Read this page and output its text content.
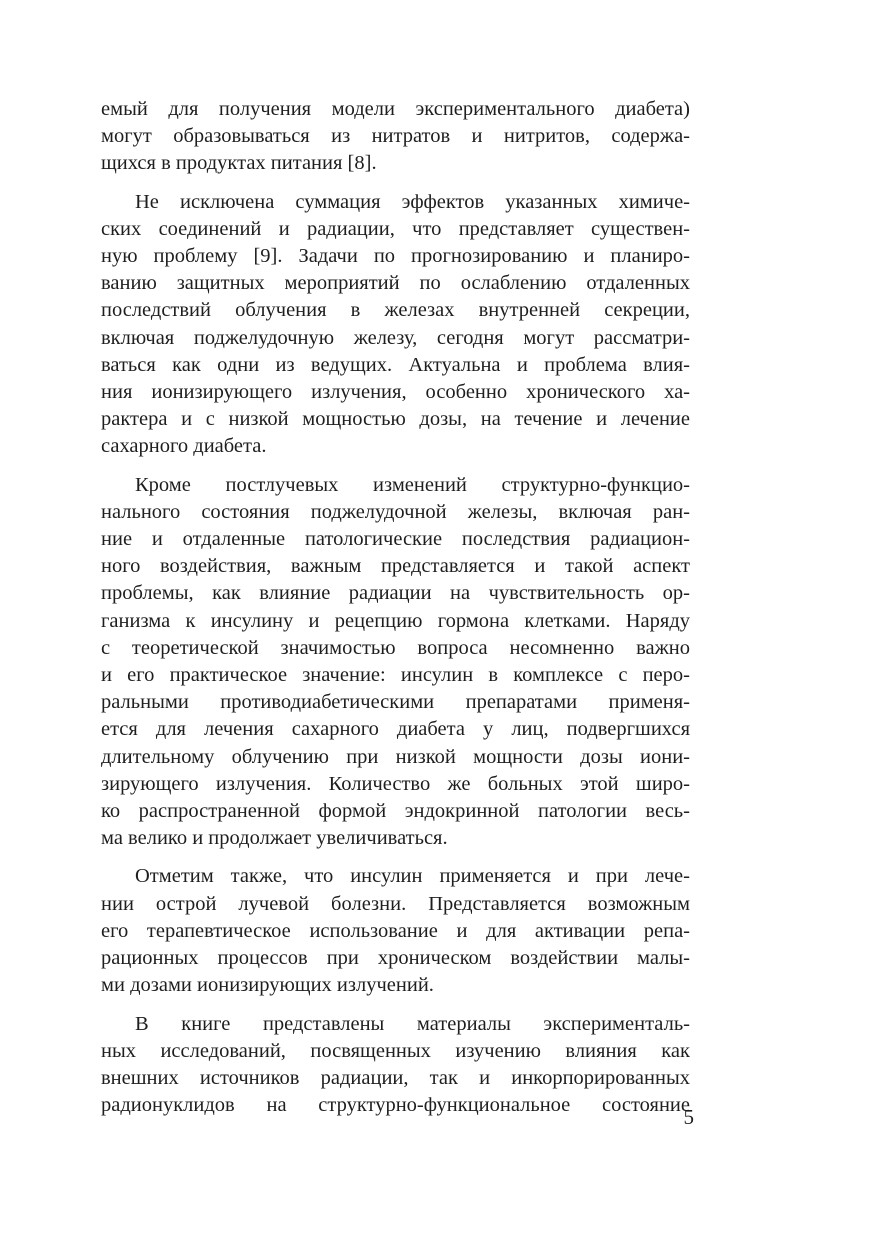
емый для получения модели экспериментального диабета)
могут образовываться из нитратов и нитритов, содержа-
щихся в продуктах питания [8].

Не исключена суммация эффектов указанных химиче-
ских соединений и радиации, что представляет существен-
ную проблему [9]. Задачи по прогнозированию и планиро-
ванию защитных мероприятий по ослаблению отдаленных
последствий облучения в железах внутренней секреции,
включая поджелудочную железу, сегодня могут рассматри-
ваться как одни из ведущих. Актуальна и проблема влия-
ния ионизирующего излучения, особенно хронического ха-
рактера и с низкой мощностью дозы, на течение и лечение
сахарного диабета.

Кроме постлучевых изменений структурно-функцио-
нального состояния поджелудочной железы, включая ран-
ние и отдаленные патологические последствия радиацион-
ного воздействия, важным представляется и такой аспект
проблемы, как влияние радиации на чувствительность ор-
ганизма к инсулину и рецепцию гормона клетками. Наряду
с теоретической значимостью вопроса несомненно важно
и его практическое значение: инсулин в комплексе с перо-
ральными противодиабетическими препаратами применя-
ется для лечения сахарного диабета у лиц, подвергшихся
длительному облучению при низкой мощности дозы иони-
зирующего излучения. Количество же больных этой широ-
ко распространенной формой эндокринной патологии весь-
ма велико и продолжает увеличиваться.

Отметим также, что инсулин применяется и при лече-
нии острой лучевой болезни. Представляется возможным
его терапевтическое использование и для активации репа-
рационных процессов при хроническом воздействии малы-
ми дозами ионизирующих излучений.

В книге представлены материалы эксперименталь-
ных исследований, посвященных изучению влияния как
внешних источников радиации, так и инкорпорированных
радионуклидов на структурно-функциональное состояние

5
